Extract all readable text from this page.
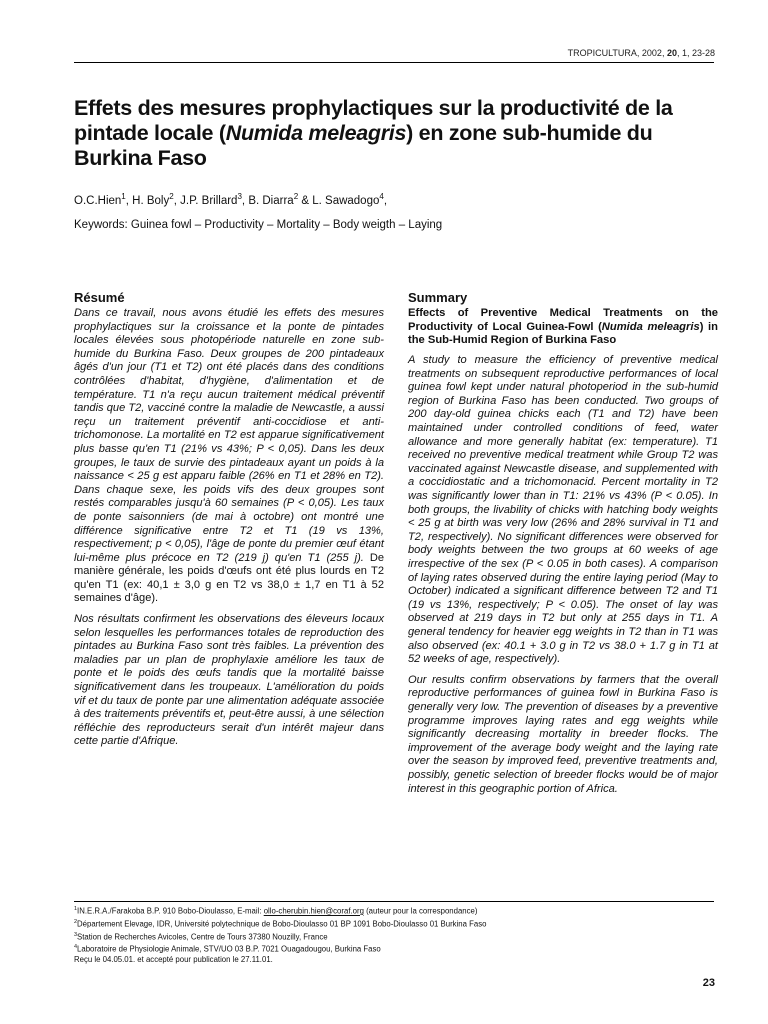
TROPICULTURA, 2002, 20, 1, 23-28
Effets des mesures prophylactiques sur la productivité de la pintade locale (Numida meleagris) en zone sub-humide du Burkina Faso
O.C.Hien$^1$, H. Boly$^2$, J.P. Brillard$^3$, B. Diarra$^2$ & L. Sawadogo$^4$,
Keywords: Guinea fowl – Productivity – Mortality – Body weigth – Laying
Résumé

Dans ce travail, nous avons étudié les effets des mesures prophylactiques sur la croissance et la ponte de pintades locales élevées sous photopériode naturelle en zone sub-humide du Burkina Faso. Deux groupes de 200 pintadeaux âgés d'un jour (T1 et T2) ont été placés dans des conditions contrôlées d'habitat, d'hygiène, d'alimentation et de température. T1 n'a reçu aucun traitement médical préventif tandis que T2, vacciné contre la maladie de Newcastle, a aussi reçu un traitement préventif anti-coccidiose et anti-trichomonose. La mortalité en T2 est apparue significativement plus basse qu'en T1 (21% vs 43%; P < 0,05). Dans les deux groupes, le taux de survie des pintadeaux ayant un poids à la naissance < 25 g est apparu faible (26% en T1 et 28% en T2). Dans chaque sexe, les poids vifs des deux groupes sont restés comparables jusqu'à 60 semaines (P < 0,05). Les taux de ponte saisonniers (de mai à octobre) ont montré une différence significative entre T2 et T1 (19 vs 13%, respectivement; p < 0,05), l'âge de ponte du premier œuf étant lui-même plus précoce en T2 (219 j) qu'en T1 (255 j). De manière générale, les poids d'œufs ont été plus lourds en T2 qu'en T1 (ex: 40,1 ± 3,0 g en T2 vs 38,0 ± 1,7 en T1 à 52 semaines d'âge).

Nos résultats confirment les observations des éleveurs locaux selon lesquelles les performances totales de reproduction des pintades au Burkina Faso sont très faibles. La prévention des maladies par un plan de prophylaxie améliore les taux de ponte et le poids des œufs tandis que la mortalité baisse significativement dans les troupeaux. L'amélioration du poids vif et du taux de ponte par une alimentation adéquate associée à des traitements préventifs et, peut-être aussi, à une sélection réfléchie des reproducteurs serait d'un intérêt majeur dans cette partie d'Afrique.

Summary
Effects of Preventive Medical Treatments on the Productivity of Local Guinea-Fowl (Numida meleagris) in the Sub-Humid Region of Burkina Faso

A study to measure the efficiency of preventive medical treatments on subsequent reproductive performances of local guinea fowl kept under natural photoperiod in the sub-humid region of Burkina Faso has been conducted. Two groups of 200 day-old guinea chicks each (T1 and T2) have been maintained under controlled conditions of feed, water allowance and more generally habitat (ex: temperature). T1 received no preventive medical treatment while Group T2 was vaccinated against Newcastle disease, and supplemented with a coccidiostatic and a trichomonacid. Percent mortality in T2 was significantly lower than in T1: 21% vs 43% (P < 0.05). In both groups, the livability of chicks with hatching body weights < 25 g at birth was very low (26% and 28% survival in T1 and T2, respectively). No significant differences were observed for body weights between the two groups at 60 weeks of age irrespective of the sex (P < 0.05 in both cases). A comparison of laying rates observed during the entire laying period (May to October) indicated a significant difference between T2 and T1 (19 vs 13%, respectively; P < 0.05). The onset of lay was observed at 219 days in T2 but only at 255 days in T1. A general tendency for heavier egg weights in T2 than in T1 was also observed (ex: 40.1 + 3.0 g in T2 vs 38.0 + 1.7 g in T1 at 52 weeks of age, respectively).

Our results confirm observations by farmers that the overall reproductive performances of guinea fowl in Burkina Faso is generally very low. The prevention of diseases by a preventive programme improves laying rates and egg weights while significantly decreasing mortality in breeder flocks. The improvement of the average body weight and the laying rate over the season by improved feed, preventive treatments and, possibly, genetic selection of breeder flocks would be of major interest in this geographic portion of Africa.

$^1$IN.E.R.A./Farakoba B.P. 910 Bobo-Dioulasso, E-mail: ollo-cherubin.hien@coraf.org (auteur pour la correspondance)
$^2$Département Elevage, IDR, Université polytechnique de Bobo-Dioulasso 01 BP 1091 Bobo-Dioulasso 01 Burkina Faso
$^3$Station de Recherches Avicoles, Centre de Tours 37380 Nouzilly, France
$^4$Laboratoire de Physiologie Animale, STV/UO 03 B.P. 7021 Ouagadougou, Burkina Faso
Reçu le 04.05.01. et accepté pour publication le 27.11.01.
23
